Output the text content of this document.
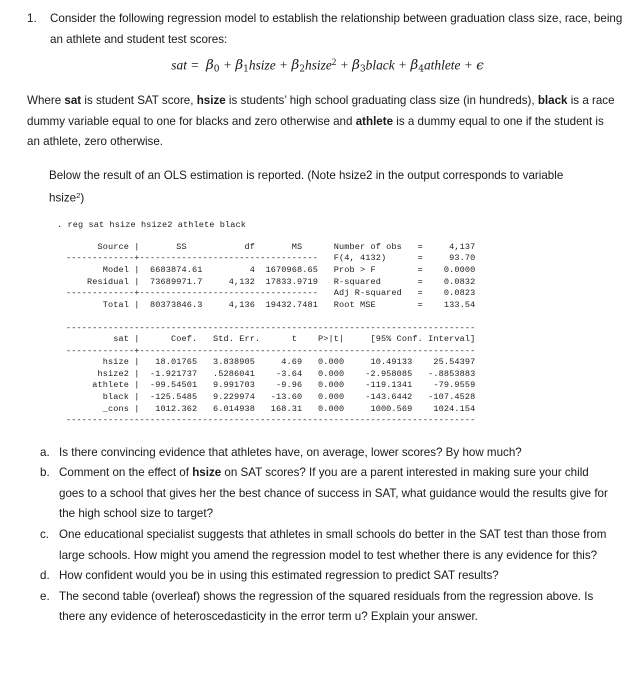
1. Consider the following regression model to establish the relationship between graduation class size, race, being an athlete and student test scores:
sat = $\beta_0$ + $\beta_1hsize$ + $\beta_2hsize^2$ + $\beta_3black$ + $\beta_4athlete + \epsilon$
Where sat is student SAT score, hsize is students’ high school graduating class size (in hundreds), black is a race dummy variable equal to one for blacks and zero otherwise and athlete is a dummy equal to one if the student is an athlete, zero otherwise.
Below the result of an OLS estimation is reported. (Note hsize2 in the output corresponds to variable hsize$^2$)
. reg sat hsize hsize2 athlete black
Source |       SS           df       MS      Number of obs   =     4,137
-------------+----------------------------------   F(4, 4132)      =     93.70
Model |  6683874.61         4  1670968.65   Prob > F        =    0.0000
Residual |  73689971.7     4,132  17833.9719   R-squared       =    0.0832
-------------+----------------------------------   Adj R-squared   =    0.0823
Total |  80373846.3     4,136  19432.7481   Root MSE        =    133.54

------------------------------------------------------------------------------
sat |      Coef.   Std. Err.      t    P>|t|     [95% Conf. Interval]
-------------+----------------------------------------------------------------
hsize |   18.01765   3.838905     4.69   0.000     10.49133    25.54397
hsize2 |  -1.921737   .5286041    -3.64   0.000    -2.958085   -.8853883
athlete |  -99.54501   9.991703    -9.96   0.000    -119.1341    -79.9559
black |  -125.5485   9.229974   -13.60   0.000    -143.6442   -107.4528
_cons |   1012.362   6.014938   168.31   0.000     1000.569    1024.154
------------------------------------------------------------------------------
a. Is there convincing evidence that athletes have, on average, lower scores? By how much?
b. Comment on the effect of hsize on SAT scores? If you are a parent interested in making sure your child goes to a school that gives her the best chance of success in SAT, what guidance would the results give for the high school size to target?
c. One educational specialist suggests that athletes in small schools do better in the SAT test than those from large schools. How might you amend the regression model to test whether there is any evidence for this?
d. How confident would you be in using this estimated regression to predict SAT results?
e. The second table (overleaf) shows the regression of the squared residuals from the regression above. Is there any evidence of heteroscedasticity in the error term u? Explain your answer.
